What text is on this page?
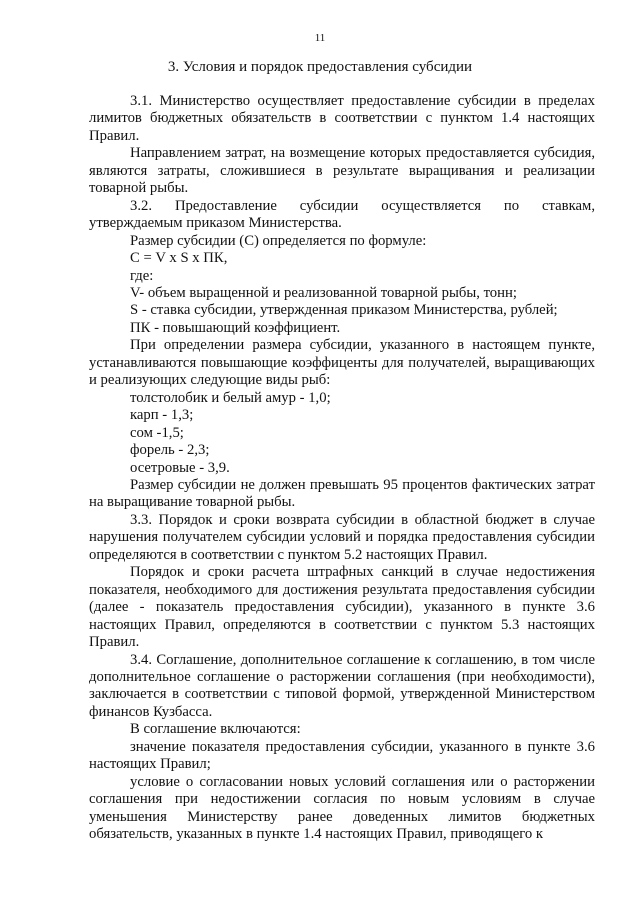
11
3. Условия и порядок предоставления субсидии

3.1. Министерство осуществляет предоставление субсидии в пределах лимитов бюджетных обязательств в соответствии с пунктом 1.4 настоящих Правил.

Направлением затрат, на возмещение которых предоставляется субсидия, являются затраты, сложившиеся в результате выращивания и реализации товарной рыбы.

3.2. Предоставление субсидии осуществляется по ставкам, утверждаемым приказом Министерства.

Размер субсидии (С) определяется по формуле:

С = V x S x ПК,

где:

V- объем выращенной и реализованной товарной рыбы, тонн;

S - ставка субсидии, утвержденная приказом Министерства, рублей;

ПК - повышающий коэффициент.

При определении размера субсидии, указанного в настоящем пункте, устанавливаются повышающие коэффиценты для получателей, выращивающих и реализующих следующие виды рыб:

толстолобик и белый амур - 1,0;

карп - 1,3;

сом -1,5;

форель - 2,3;

осетровые - 3,9.

Размер субсидии не должен превышать 95 процентов фактических затрат на выращивание товарной рыбы.

3.3. Порядок и сроки возврата субсидии в областной бюджет в случае нарушения получателем субсидии условий и порядка предоставления субсидии определяются в соответствии с пунктом 5.2 настоящих Правил.

Порядок и сроки расчета штрафных санкций в случае недостижения показателя, необходимого для достижения результата предоставления субсидии (далее - показатель предоставления субсидии), указанного в пункте 3.6 настоящих Правил, определяются в соответствии с пунктом 5.3 настоящих Правил.

3.4. Соглашение, дополнительное соглашение к соглашению, в том числе дополнительное соглашение о расторжении соглашения (при необходимости), заключается в соответствии с типовой формой, утвержденной Министерством финансов Кузбасса.

В соглашение включаются:

значение показателя предоставления субсидии, указанного в пункте 3.6 настоящих Правил;

условие о согласовании новых условий соглашения или о расторжении соглашения при недостижении согласия по новым условиям в случае уменьшения Министерству ранее доведенных лимитов бюджетных обязательств, указанных в пункте 1.4 настоящих Правил, приводящего к
